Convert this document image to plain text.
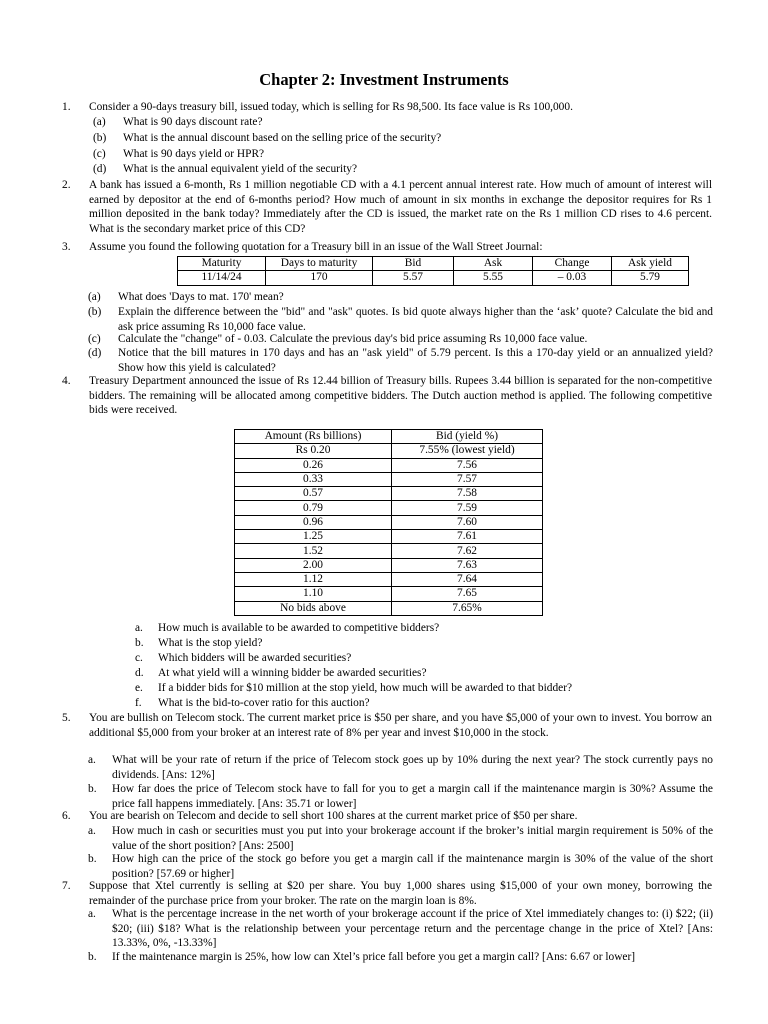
Chapter 2: Investment Instruments
1.	Consider a 90-days treasury bill, issued today, which is selling for Rs 98,500. Its face value is Rs 100,000.
(a) What is 90 days discount rate?
(b) What is the annual discount based on the selling price of the security?
(c) What is 90 days yield or HPR?
(d) What is the annual equivalent yield of the security?
2.	A bank has issued a 6-month, Rs 1 million negotiable CD with a 4.1 percent annual interest rate. How much of amount of interest will earned by depositor at the end of 6-months period? How much of amount in six months in exchange the depositor requires for Rs 1 million deposited in the bank today? Immediately after the CD is issued, the market rate on the Rs 1 million CD rises to 4.6 percent. What is the secondary market price of this CD?
3.	Assume you found the following quotation for a Treasury bill in an issue of the Wall Street Journal:
Maturity	Days to maturity	Bid	Ask	Change	Ask yield
11/14/24	170	5.57	5.55	– 0.03	5.79
(a) What does 'Days to mat. 170' mean?
(b) Explain the difference between the "bid" and "ask" quotes. Is bid quote always higher than the ‘ask’ quote? Calculate the bid and ask price assuming Rs 10,000 face value.
(c) Calculate the "change" of - 0.03. Calculate the previous day's bid price assuming Rs 10,000 face value.
(d) Notice that the bill matures in 170 days and has an "ask yield" of 5.79 percent. Is this a 170-day yield or an annualized yield? Show how this yield is calculated?
4.	Treasury Department announced the issue of Rs 12.44 billion of Treasury bills. Rupees 3.44 billion is separated for the non-competitive bidders. The remaining will be allocated among competitive bidders. The Dutch auction method is applied. The following competitive bids were received.
Amount (Rs billions)	Bid (yield %)
Rs 0.20	7.55% (lowest yield)
0.26	7.56
0.33	7.57
0.57	7.58
0.79	7.59
0.96	7.60
1.25	7.61
1.52	7.62
2.00	7.63
1.12	7.64
1.10	7.65
No bids above	7.65%
a. How much is available to be awarded to competitive bidders?
b. What is the stop yield?
c. Which bidders will be awarded securities?
d. At what yield will a winning bidder be awarded securities?
e. If a bidder bids for $10 million at the stop yield, how much will be awarded to that bidder?
f. What is the bid-to-cover ratio for this auction?
5.	You are bullish on Telecom stock. The current market price is $50 per share, and you have $5,000 of your own to invest. You borrow an additional $5,000 from your broker at an interest rate of 8% per year and invest $10,000 in the stock.
a. What will be your rate of return if the price of Telecom stock goes up by 10% during the next year? The stock currently pays no dividends. [Ans: 12%]
b. How far does the price of Telecom stock have to fall for you to get a margin call if the maintenance margin is 30%? Assume the price fall happens immediately. [Ans: 35.71 or lower]
6.	You are bearish on Telecom and decide to sell short 100 shares at the current market price of $50 per share.
a. How much in cash or securities must you put into your brokerage account if the broker’s initial margin requirement is 50% of the value of the short position? [Ans: 2500]
b. How high can the price of the stock go before you get a margin call if the maintenance margin is 30% of the value of the short position? [57.69 or higher]
7.	Suppose that Xtel currently is selling at $20 per share. You buy 1,000 shares using $15,000 of your own money, borrowing the remainder of the purchase price from your broker. The rate on the margin loan is 8%.
a. What is the percentage increase in the net worth of your brokerage account if the price of Xtel immediately changes to: (i) $22; (ii) $20; (iii) $18? What is the relationship between your percentage return and the percentage change in the price of Xtel? [Ans: 13.33%, 0%, -13.33%]
b. If the maintenance margin is 25%, how low can Xtel’s price fall before you get a margin call? [Ans: 6.67 or lower]
